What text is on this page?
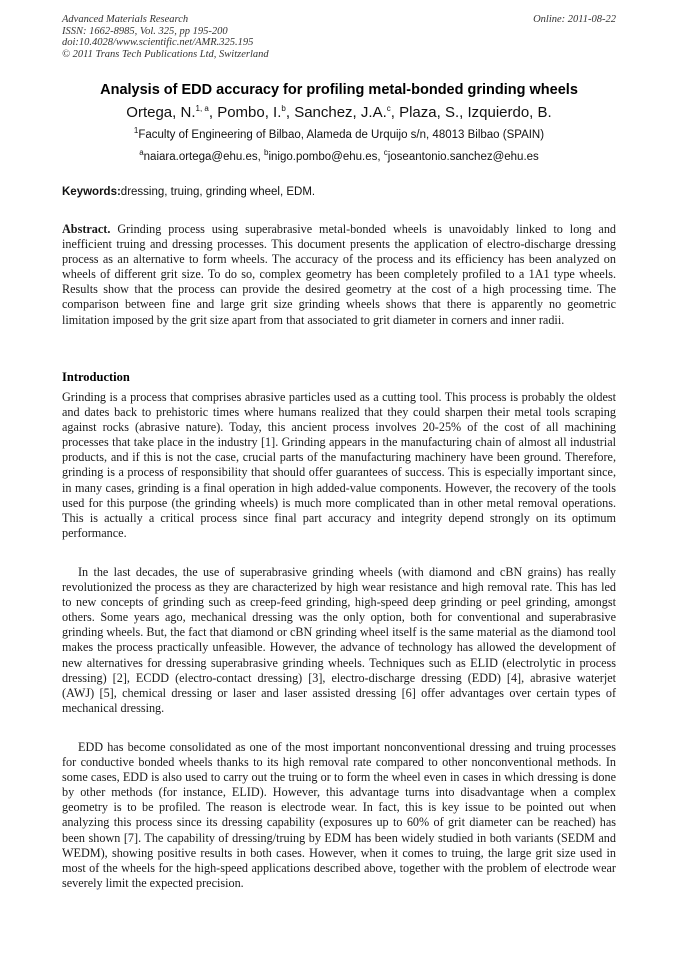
Advanced Materials Research
ISSN: 1662-8985, Vol. 325, pp 195-200
doi:10.4028/www.scientific.net/AMR.325.195
© 2011 Trans Tech Publications Ltd, Switzerland
Online: 2011-08-22
Analysis of EDD accuracy for profiling metal-bonded grinding wheels
Ortega, N.$^{1, a}$, Pombo, I.$^b$, Sanchez, J.A.$^c$, Plaza, S., Izquierdo, B.
$^1$Faculty of Engineering of Bilbao, Alameda de Urquijo s/n, 48013 Bilbao (SPAIN)
$^a$naiara.ortega@ehu.es, $^b$inigo.pombo@ehu.es, $^c$joseantonio.sanchez@ehu.es
Keywords:dressing, truing, grinding wheel, EDM.

Abstract. Grinding process using superabrasive metal-bonded wheels is unavoidably linked to long and inefficient truing and dressing processes. This document presents the application of electro-discharge dressing process as an alternative to form wheels. The accuracy of the process and its efficiency has been analyzed on wheels of different grit size. To do so, complex geometry has been completely profiled to a 1A1 type wheels. Results show that the process can provide the desired geometry at the cost of a high processing time. The comparison between fine and large grit size grinding wheels shows that there is apparently no geometric limitation imposed by the grit size apart from that associated to grit diameter in corners and inner radii.

Introduction

Grinding is a process that comprises abrasive particles used as a cutting tool. This process is probably the oldest and dates back to prehistoric times where humans realized that they could sharpen their metal tools scraping against rocks (abrasive nature). Today, this ancient process involves 20-25% of the cost of all machining processes that take place in the industry [1]. Grinding appears in the manufacturing chain of almost all industrial products, and if this is not the case, crucial parts of the manufacturing machinery have been ground. Therefore, grinding is a process of responsibility that should offer guarantees of success. This is especially important since, in many cases, grinding is a final operation in high added-value components. However, the recovery of the tools used for this purpose (the grinding wheels) is much more complicated than in other metal removal operations. This is actually a critical process since final part accuracy and integrity depend strongly on its optimum performance.

In the last decades, the use of superabrasive grinding wheels (with diamond and cBN grains) has really revolutionized the process as they are characterized by high wear resistance and high removal rate. This has led to new concepts of grinding such as creep-feed grinding, high-speed deep grinding or peel grinding, amongst others. Some years ago, mechanical dressing was the only option, both for conventional and superabrasive grinding wheels. But, the fact that diamond or cBN grinding wheel itself is the same material as the diamond tool makes the process practically unfeasible. However, the advance of technology has allowed the development of new alternatives for dressing superabrasive grinding wheels. Techniques such as ELID (electrolytic in process dressing) [2], ECDD (electro-contact dressing) [3], electro-discharge dressing (EDD) [4], abrasive waterjet (AWJ) [5], chemical dressing or laser and laser assisted dressing [6] offer advantages over certain types of mechanical dressing.

EDD has become consolidated as one of the most important nonconventional dressing and truing processes for conductive bonded wheels thanks to its high removal rate compared to other nonconventional methods. In some cases, EDD is also used to carry out the truing or to form the wheel even in cases in which dressing is done by other methods (for instance, ELID). However, this advantage turns into disadvantage when a complex geometry is to be profiled. The reason is electrode wear. In fact, this is key issue to be pointed out when analyzing this process since its dressing capability (exposures up to 60% of grit diameter can be reached) has been shown [7]. The capability of dressing/truing by EDM has been widely studied in both variants (SEDM and WEDM), showing positive results in both cases. However, when it comes to truing, the large grit size used in most of the wheels for the high-speed applications described above, together with the problem of electrode wear severely limit the expected precision.
